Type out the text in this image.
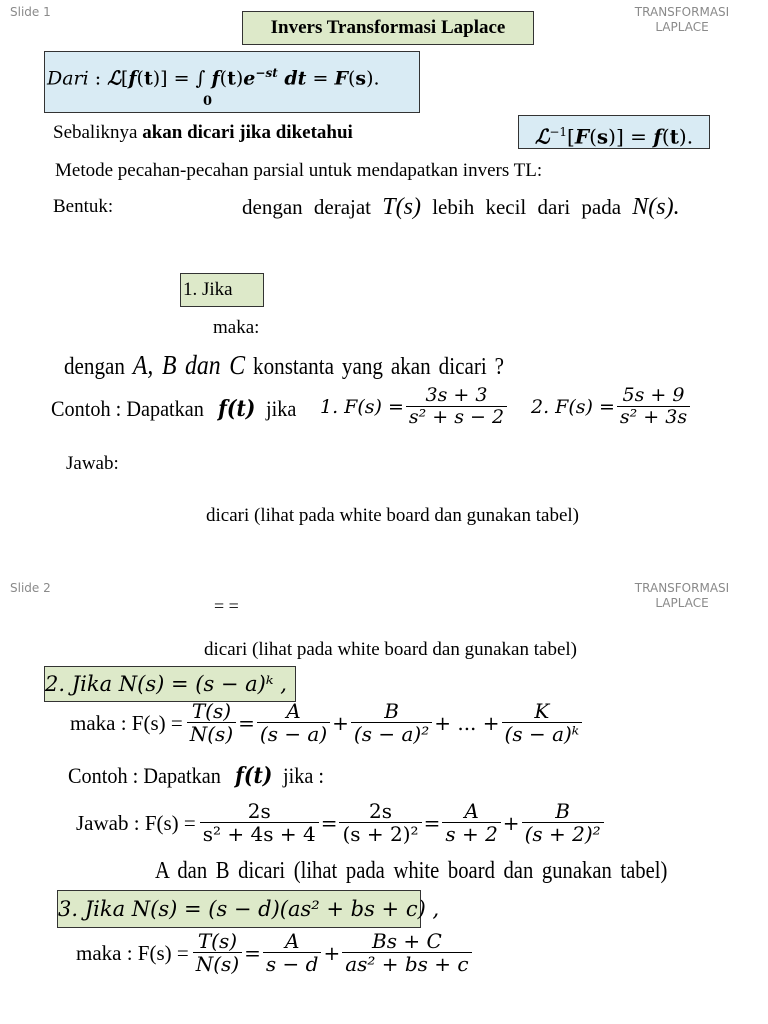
Slide 1	TRANSFORMASI
LAPLACE
Invers Transformasi Laplace
Dari : ℒ[f(t)] = ∫ $f(t)e^{-st}$ dt = F(s).
0
Sebaliknya akan dicari jika diketahui	ℒ$^{-1}$[F(s)] = f(t).
Metode pecahan-pecahan parsial untuk mendapatkan invers TL:
Bentuk:	dengan derajat T(s) lebih kecil dari pada N(s).
1. Jika
maka:
dengan A, B dan C konstanta yang akan dicari ?
Contoh : Dapatkan f(t) jika 1. $F(s) = \frac{3s + 3}{\text{s² + s − 2}} 2$. $F(s) = \frac{5s + 9}{\text{s² + 3s}}$
Jawab:
dicari (lihat pada white board dan gunakan tabel)
Slide 2	TRANSFORMASI
LAPLACE
= =
dicari (lihat pada white board dan gunakan tabel)
2. Jika N(s) = (s − a)ᵏ ,
maka : $F(s) = \frac{T(s)}{N(s)} = \frac{A}{(s - a)} + \frac{B}{\text{(s − a)²}}$ + ... + $\frac{K}{\text{(s − a)ᵏ}}$
Contoh : Dapatkan f(t) jika :
Jawab : $F(s) = \frac{2s}{\text{s² + 4s + 4}} = \frac{2s}{\text{(s + 2)²}} = \frac{A}{s + 2} + \frac{B}{\text{(s + 2)²}}$
A dan B dicari (lihat pada white board dan gunakan tabel)
3. Jika N(s) = (s − d)(as² + bs + c) ,
maka : $F(s) = \frac{T(s)}{N(s)} = \frac{A}{s - d} + \frac{Bs + C}{\text{as² + bs + c}}$
